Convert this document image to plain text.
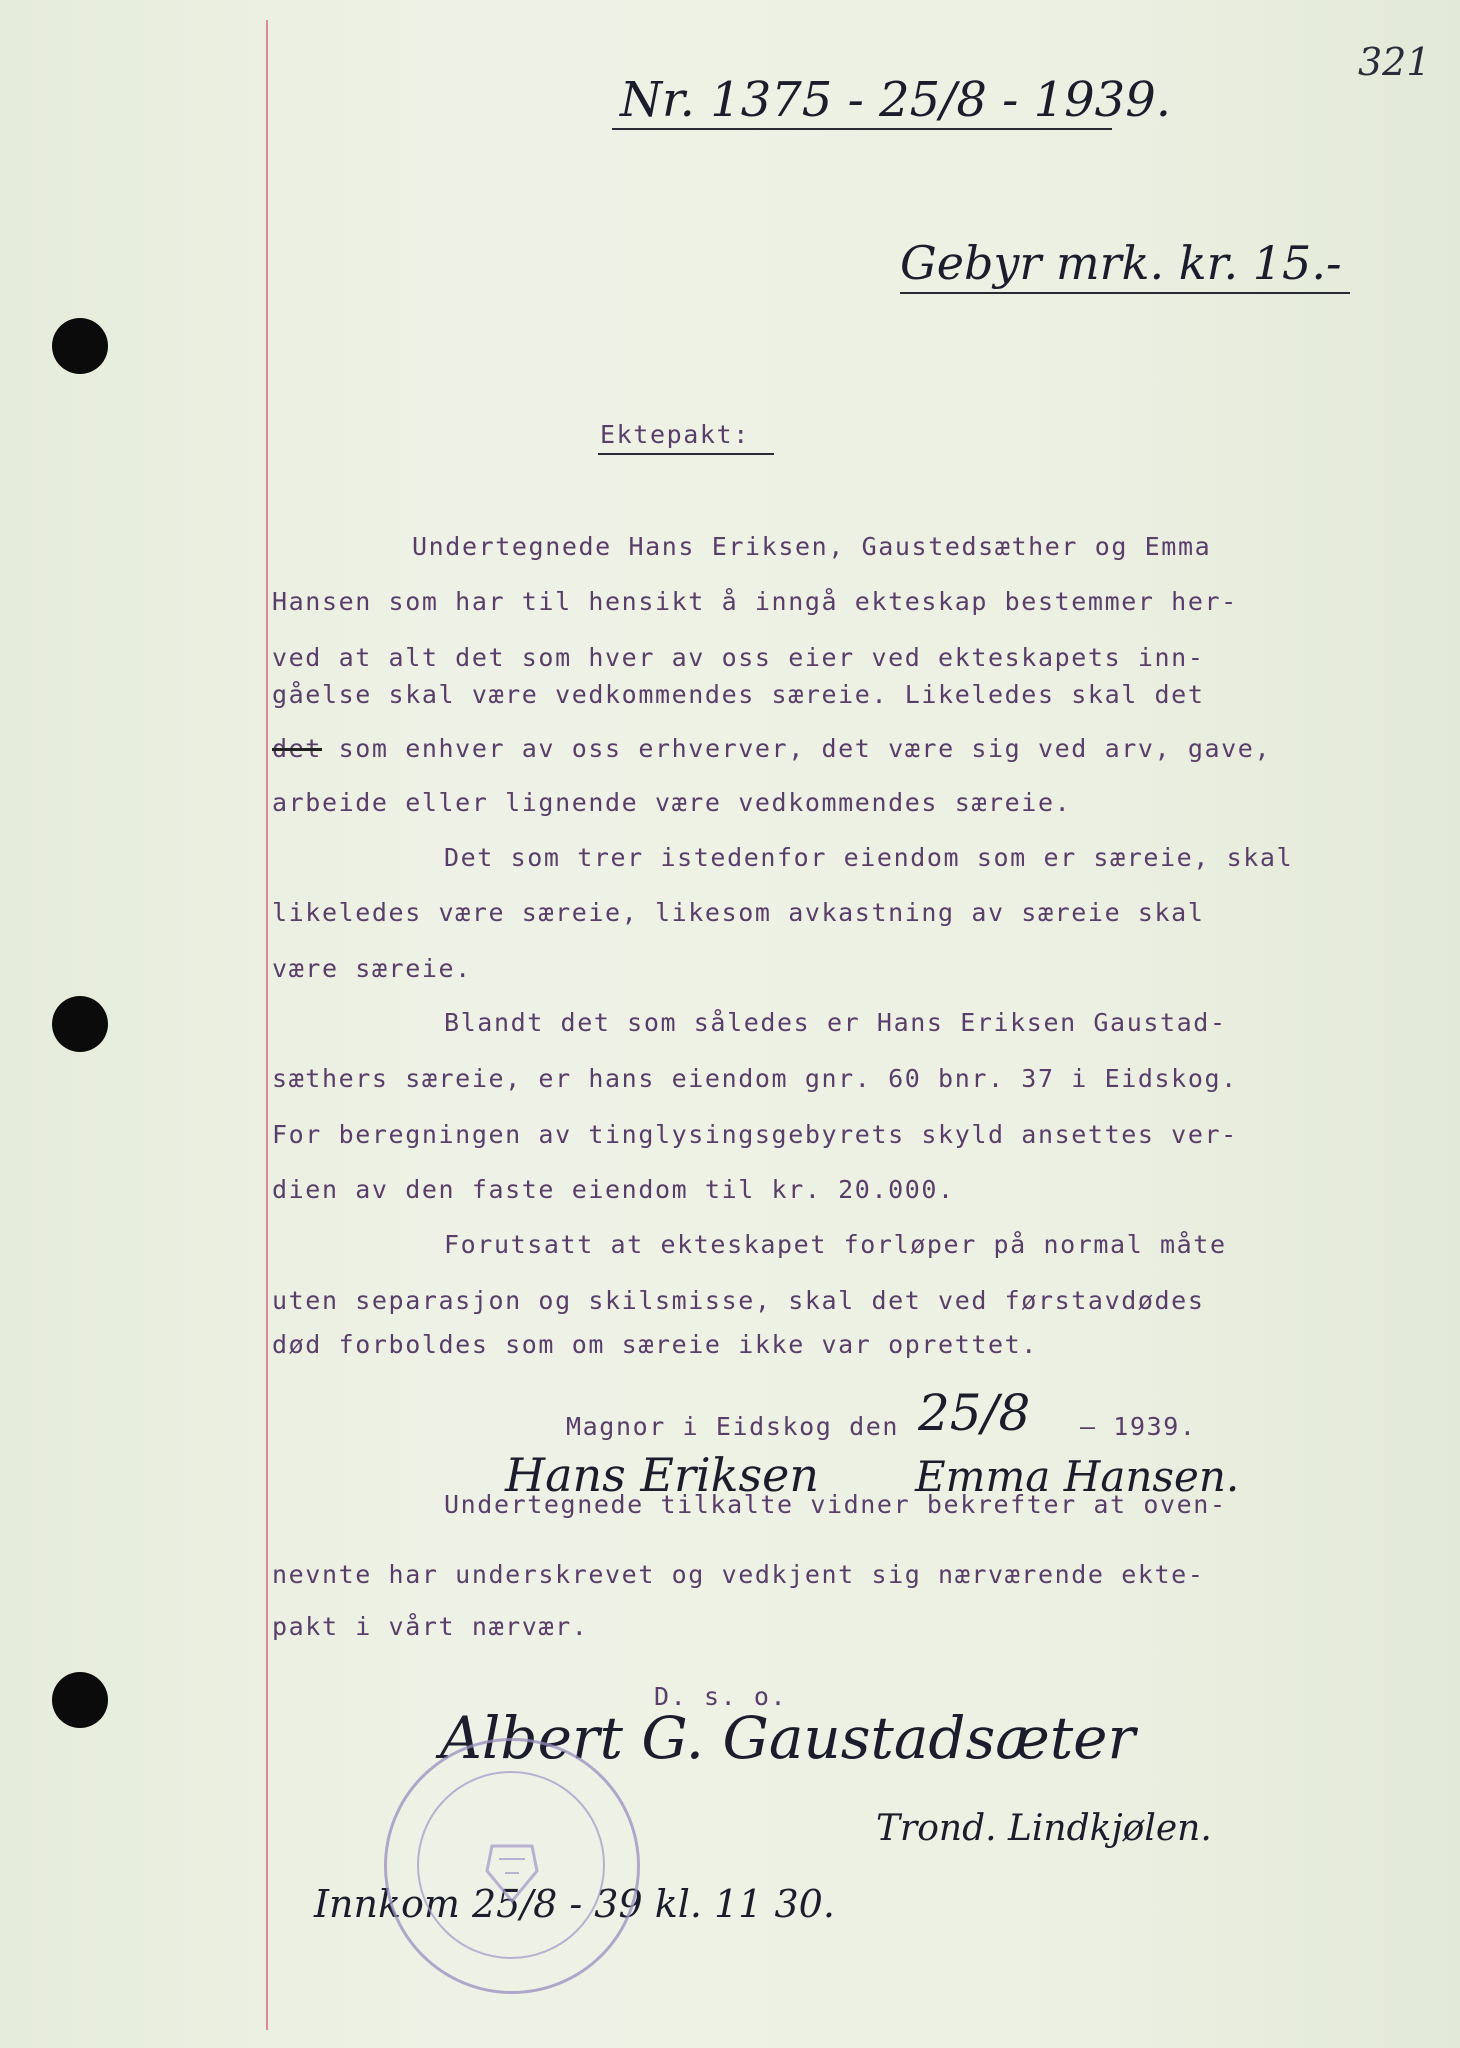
321
Nr. 1375 - 25/8 - 1939.
Gebyr mrk. kr. 15.-
Ektepakt:

Undertegnede Hans Eriksen, Gaustedsæther og Emma

Hansen som har til hensikt å inngå ekteskap bestemmer her-

ved at alt det som hver av oss eier ved ekteskapets inn-

gåelse skal være vedkommendes særeie. Likeledes skal det

det som enhver av oss erhverver, det være sig ved arv, gave,

arbeide eller lignende være vedkommendes særeie.

Det som trer istedenfor eiendom som er særeie, skal

likeledes være særeie, likesom avkastning av særeie skal

være særeie.

Blandt det som således er Hans Eriksen Gaustad-

sæthers særeie, er hans eiendom gnr. 60 bnr. 37 i Eidskog.

For beregningen av tinglysingsgebyrets skyld ansettes ver-

dien av den faste eiendom til kr. 20.000.

Forutsatt at ekteskapet forløper på normal måte

uten separasjon og skilsmisse, skal det ved førstavdødes

død forboldes som om særeie ikke var oprettet.

Magnor i Eidskog den

	– 1939.

Undertegnede tilkalte vidner bekrefter at oven-

nevnte har underskrevet og vedkjent sig nærværende ekte-

pakt i vårt nærvær.

D. s. o.

25/8
Hans Eriksen Emma Hansen.
Albert G. Gaustadsæter
Trond. Lindkjølen.
Innkom 25/8 - 39 kl. 11 30.
